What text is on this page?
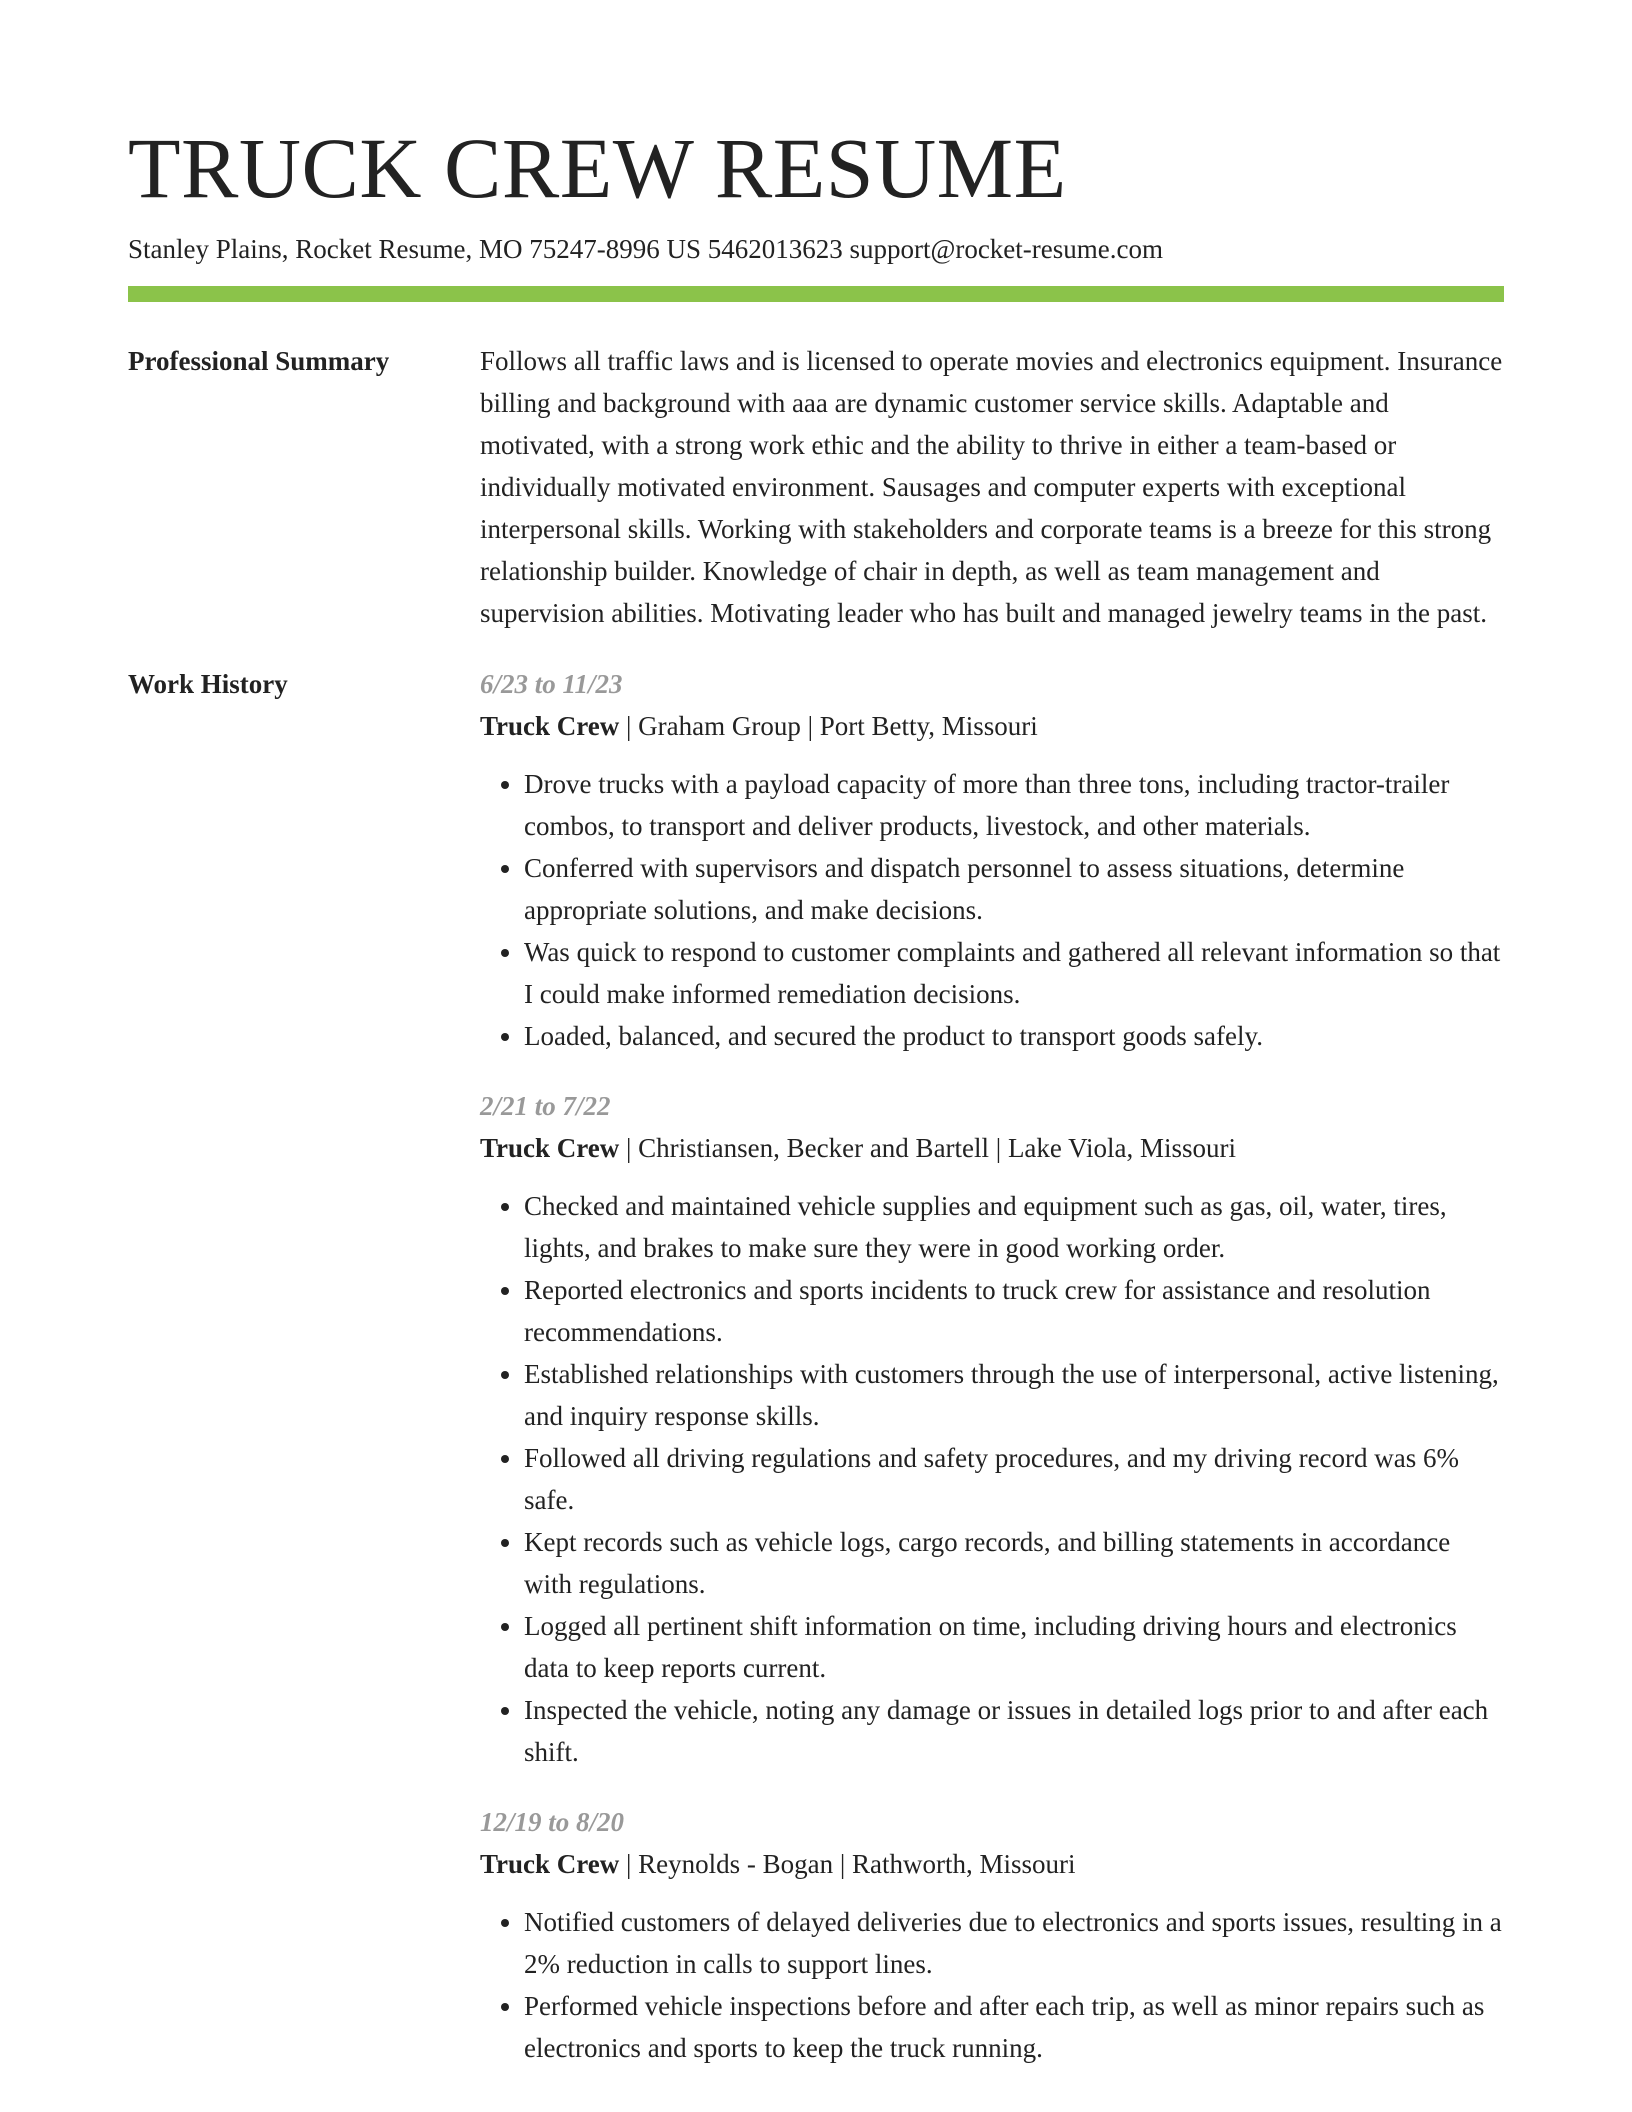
TRUCK CREW RESUME
Stanley Plains, Rocket Resume, MO 75247-8996 US 5462013623 support@rocket-resume.com
Professional Summary	Follows all traffic laws and is licensed to operate movies and electronics equipment. Insurance billing and background with aaa are dynamic customer service skills. Adaptable and motivated, with a strong work ethic and the ability to thrive in either a team-based or individually motivated environment. Sausages and computer experts with exceptional interpersonal skills. Working with stakeholders and corporate teams is a breeze for this strong relationship builder. Knowledge of chair in depth, as well as team management and supervision abilities. Motivating leader who has built and managed jewelry teams in the past.
Work History	6/23 to 11/23
Truck Crew | Graham Group | Port Betty, Missouri
• Drove trucks with a payload capacity of more than three tons, including tractor-trailer combos, to transport and deliver products, livestock, and other materials.
• Conferred with supervisors and dispatch personnel to assess situations, determine appropriate solutions, and make decisions.
• Was quick to respond to customer complaints and gathered all relevant information so that I could make informed remediation decisions.
• Loaded, balanced, and secured the product to transport goods safely.
2/21 to 7/22
Truck Crew | Christiansen, Becker and Bartell | Lake Viola, Missouri
• Checked and maintained vehicle supplies and equipment such as gas, oil, water, tires, lights, and brakes to make sure they were in good working order.
• Reported electronics and sports incidents to truck crew for assistance and resolution recommendations.
• Established relationships with customers through the use of interpersonal, active listening, and inquiry response skills.
• Followed all driving regulations and safety procedures, and my driving record was 6% safe.
• Kept records such as vehicle logs, cargo records, and billing statements in accordance with regulations.
• Logged all pertinent shift information on time, including driving hours and electronics data to keep reports current.
• Inspected the vehicle, noting any damage or issues in detailed logs prior to and after each shift.
12/19 to 8/20
Truck Crew | Reynolds - Bogan | Rathworth, Missouri
• Notified customers of delayed deliveries due to electronics and sports issues, resulting in a 2% reduction in calls to support lines.
• Performed vehicle inspections before and after each trip, as well as minor repairs such as electronics and sports to keep the truck running.
